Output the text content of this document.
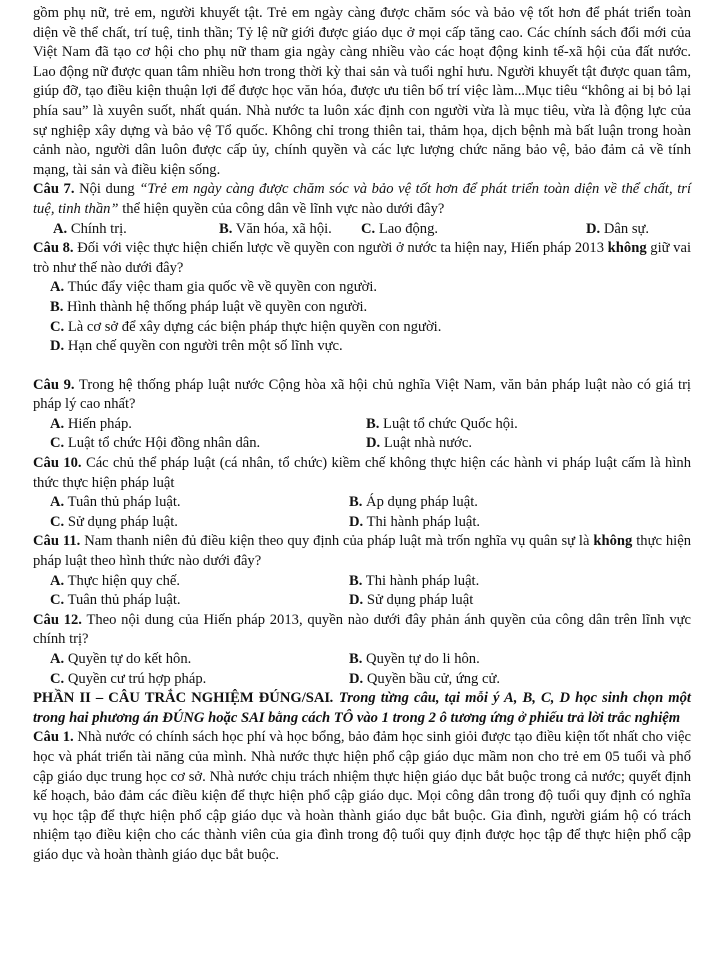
gồm phụ nữ, trẻ em, người khuyết tật. Trẻ em ngày càng được chăm sóc và bảo vệ tốt hơn để phát triển toàn diện về thể chất, trí tuệ, tinh thần; Tỷ lệ nữ giới được giáo dục ở mọi cấp tăng cao. Các chính sách đổi mới của Việt Nam đã tạo cơ hội cho phụ nữ tham gia ngày càng nhiều vào các hoạt động kinh tế-xã hội của đất nước. Lao động nữ được quan tâm nhiều hơn trong thời kỳ thai sản và tuổi nghỉ hưu. Người khuyết tật được quan tâm, giúp đỡ, tạo điều kiện thuận lợi để được học văn hóa, được ưu tiên bố trí việc làm...Mục tiêu “không ai bị bỏ lại phía sau” là xuyên suốt, nhất quán. Nhà nước ta luôn xác định con người vừa là mục tiêu, vừa là động lực của sự nghiệp xây dựng và bảo vệ Tổ quốc. Không chỉ trong thiên tai, thảm họa, dịch bệnh mà bất luận trong hoàn cảnh nào, người dân luôn được cấp ủy, chính quyền và các lực lượng chức năng bảo vệ, bảo đảm cả về tính mạng, tài sản và điều kiện sống.

Câu 7. Nội dung “Trẻ em ngày càng được chăm sóc và bảo vệ tốt hơn để phát triển toàn diện về thể chất, trí tuệ, tinh thần” thể hiện quyền của công dân về lĩnh vực nào dưới đây?

A. Chính trị.	B. Văn hóa, xã hội.	C. Lao động.	D. Dân sự.

Câu 8. Đối với việc thực hiện chiến lược về quyền con người ở nước ta hiện nay, Hiến pháp 2013 không giữ vai trò như thế nào dưới đây?

A. Thúc đẩy việc tham gia quốc về về quyền con người.

B. Hình thành hệ thống pháp luật về quyền con người.

C. Là cơ sở để xây dựng các biện pháp thực hiện quyền con người.

D. Hạn chế quyền con người trên một số lĩnh vực.

Câu 9. Trong hệ thống pháp luật nước Cộng hòa xã hội chủ nghĩa Việt Nam, văn bản pháp luật nào có giá trị pháp lý cao nhất?

A. Hiến pháp.	B. Luật tổ chức Quốc hội.
C. Luật tổ chức Hội đồng nhân dân.	D. Luật nhà nước.

Câu 10. Các chủ thể pháp luật (cá nhân, tổ chức) kiềm chế không thực hiện các hành vi pháp luật cấm là hình thức thực hiện pháp luật

A. Tuân thủ pháp luật.	B. Áp dụng pháp luật.
C. Sử dụng pháp luật.	D. Thi hành pháp luật.

Câu 11. Nam thanh niên đủ điều kiện theo quy định của pháp luật mà trốn nghĩa vụ quân sự là không thực hiện pháp luật theo hình thức nào dưới đây?

A. Thực hiện quy chế.	B. Thi hành pháp luật.
C. Tuân thủ pháp luật.	D. Sử dụng pháp luật

Câu 12. Theo nội dung của Hiến pháp 2013, quyền nào dưới đây phản ánh quyền của công dân trên lĩnh vực chính trị?

A. Quyền tự do kết hôn.	B. Quyền tự do li hôn.
C. Quyền cư trú hợp pháp.	D. Quyền bầu cử, ứng cử.

PHẦN II – CÂU TRẮC NGHIỆM ĐÚNG/SAI. Trong từng câu, tại mỗi ý A, B, C, D học sinh chọn một trong hai phương án ĐÚNG hoặc SAI bằng cách TÔ vào 1 trong 2 ô tương ứng ở phiếu trả lời trắc nghiệm

Câu 1. Nhà nước có chính sách học phí và học bổng, bảo đảm học sinh giỏi được tạo điều kiện tốt nhất cho việc học và phát triển tài năng của mình. Nhà nước thực hiện phổ cập giáo dục mầm non cho trẻ em 05 tuổi và phổ cập giáo dục trung học cơ sở. Nhà nước chịu trách nhiệm thực hiện giáo dục bắt buộc trong cả nước; quyết định kế hoạch, bảo đảm các điều kiện để thực hiện phổ cập giáo dục. Mọi công dân trong độ tuổi quy định có nghĩa vụ học tập để thực hiện phổ cập giáo dục và hoàn thành giáo dục bắt buộc. Gia đình, người giám hộ có trách nhiệm tạo điều kiện cho các thành viên của gia đình trong độ tuổi quy định được học tập để thực hiện phổ cập giáo dục và hoàn thành giáo dục bắt buộc.
